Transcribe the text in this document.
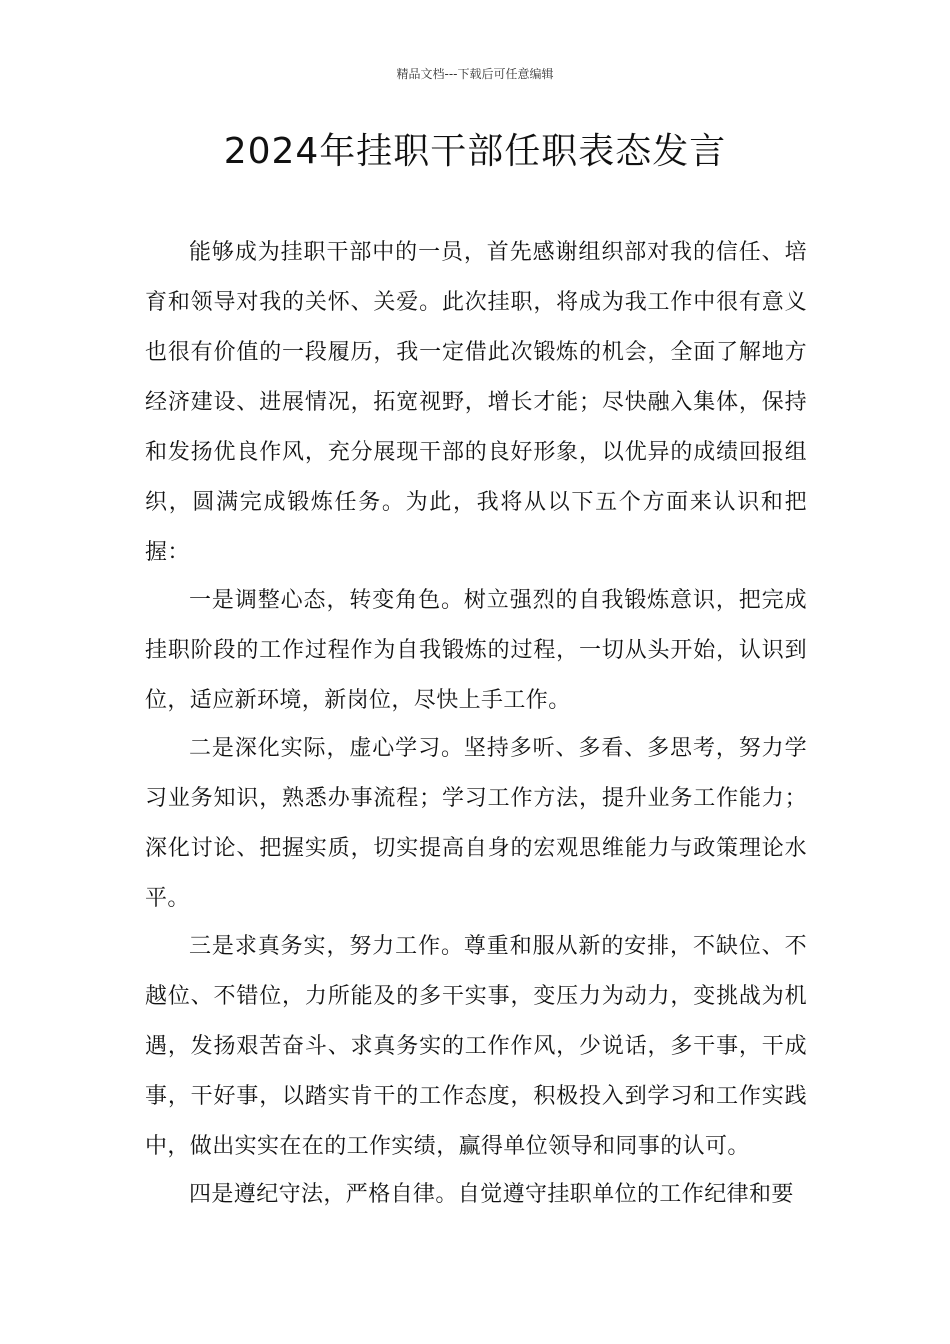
精品文档---下载后可任意编辑
2024年挂职干部任职表态发言

能够成为挂职干部中的一员，首先感谢组织部对我的信任、培育和领导对我的关怀、关爱。此次挂职，将成为我工作中很有意义也很有价值的一段履历，我一定借此次锻炼的机会，全面了解地方经济建设、进展情况，拓宽视野，增长才能；尽快融入集体，保持和发扬优良作风，充分展现干部的良好形象，以优异的成绩回报组织，圆满完成锻炼任务。为此，我将从以下五个方面来认识和把握：

一是调整心态，转变角色。树立强烈的自我锻炼意识，把完成挂职阶段的工作过程作为自我锻炼的过程，一切从头开始，认识到位，适应新环境，新岗位，尽快上手工作。

二是深化实际，虚心学习。坚持多听、多看、多思考，努力学习业务知识，熟悉办事流程；学习工作方法，提升业务工作能力；深化讨论、把握实质，切实提高自身的宏观思维能力与政策理论水平。

三是求真务实，努力工作。尊重和服从新的安排，不缺位、不越位、不错位，力所能及的多干实事，变压力为动力，变挑战为机遇，发扬艰苦奋斗、求真务实的工作作风，少说话，多干事，干成事，干好事，以踏实肯干的工作态度，积极投入到学习和工作实践中，做出实实在在的工作实绩，赢得单位领导和同事的认可。

四是遵纪守法，严格自律。自觉遵守挂职单位的工作纪律和要
